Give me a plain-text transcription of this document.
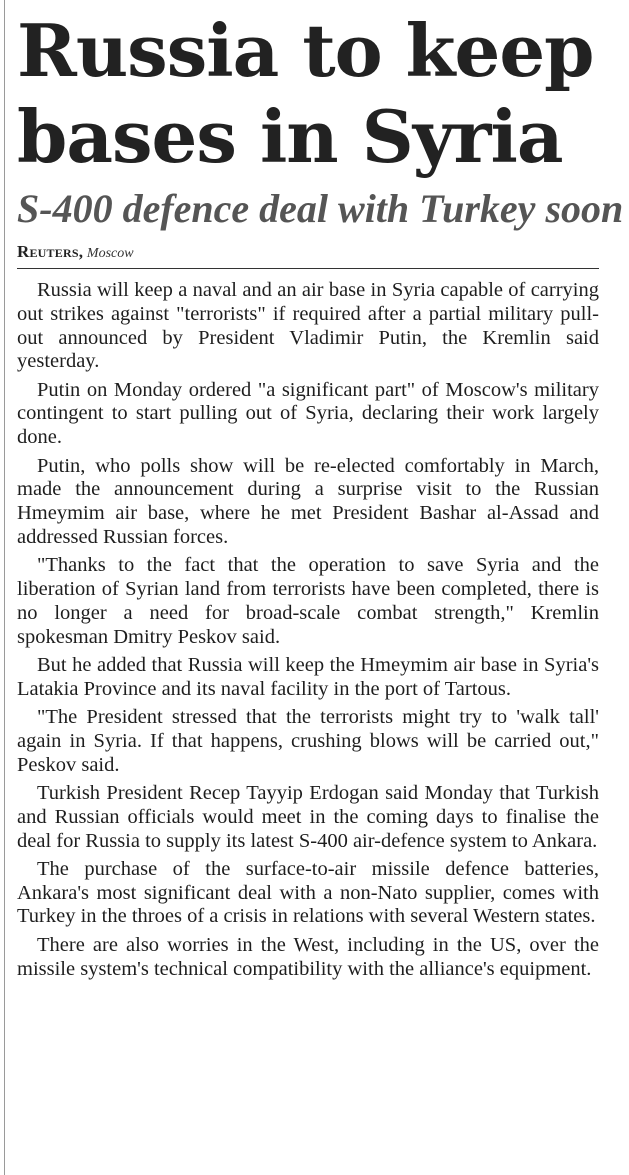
Russia to keep bases in Syria
S-400 defence deal with Turkey soon
Reuters, Moscow

Russia will keep a naval and an air base in Syria capable of carrying out strikes against "terrorists" if required after a partial military pull-out announced by President Vladimir Putin, the Kremlin said yesterday.

Putin on Monday ordered "a significant part" of Moscow's military contingent to start pulling out of Syria, declaring their work largely done.

Putin, who polls show will be re-elected comfortably in March, made the announcement during a surprise visit to the Russian Hmeymim air base, where he met President Bashar al-Assad and addressed Russian forces.

"Thanks to the fact that the operation to save Syria and the liberation of Syrian land from terrorists have been completed, there is no longer a need for broad-scale combat strength," Kremlin spokesman Dmitry Peskov said.

But he added that Russia will keep the Hmeymim air base in Syria's Latakia Province and its naval facility in the port of Tartous.

"The President stressed that the terrorists might try to 'walk tall' again in Syria. If that happens, crushing blows will be carried out," Peskov said.

Turkish President Recep Tayyip Erdogan said Monday that Turkish and Russian officials would meet in the coming days to finalise the deal for Russia to supply its latest S-400 air-defence system to Ankara.

The purchase of the surface-to-air missile defence batteries, Ankara's most significant deal with a non-Nato supplier, comes with Turkey in the throes of a crisis in relations with several Western states.

There are also worries in the West, including in the US, over the missile system's technical compatibility with the alliance's equipment.
